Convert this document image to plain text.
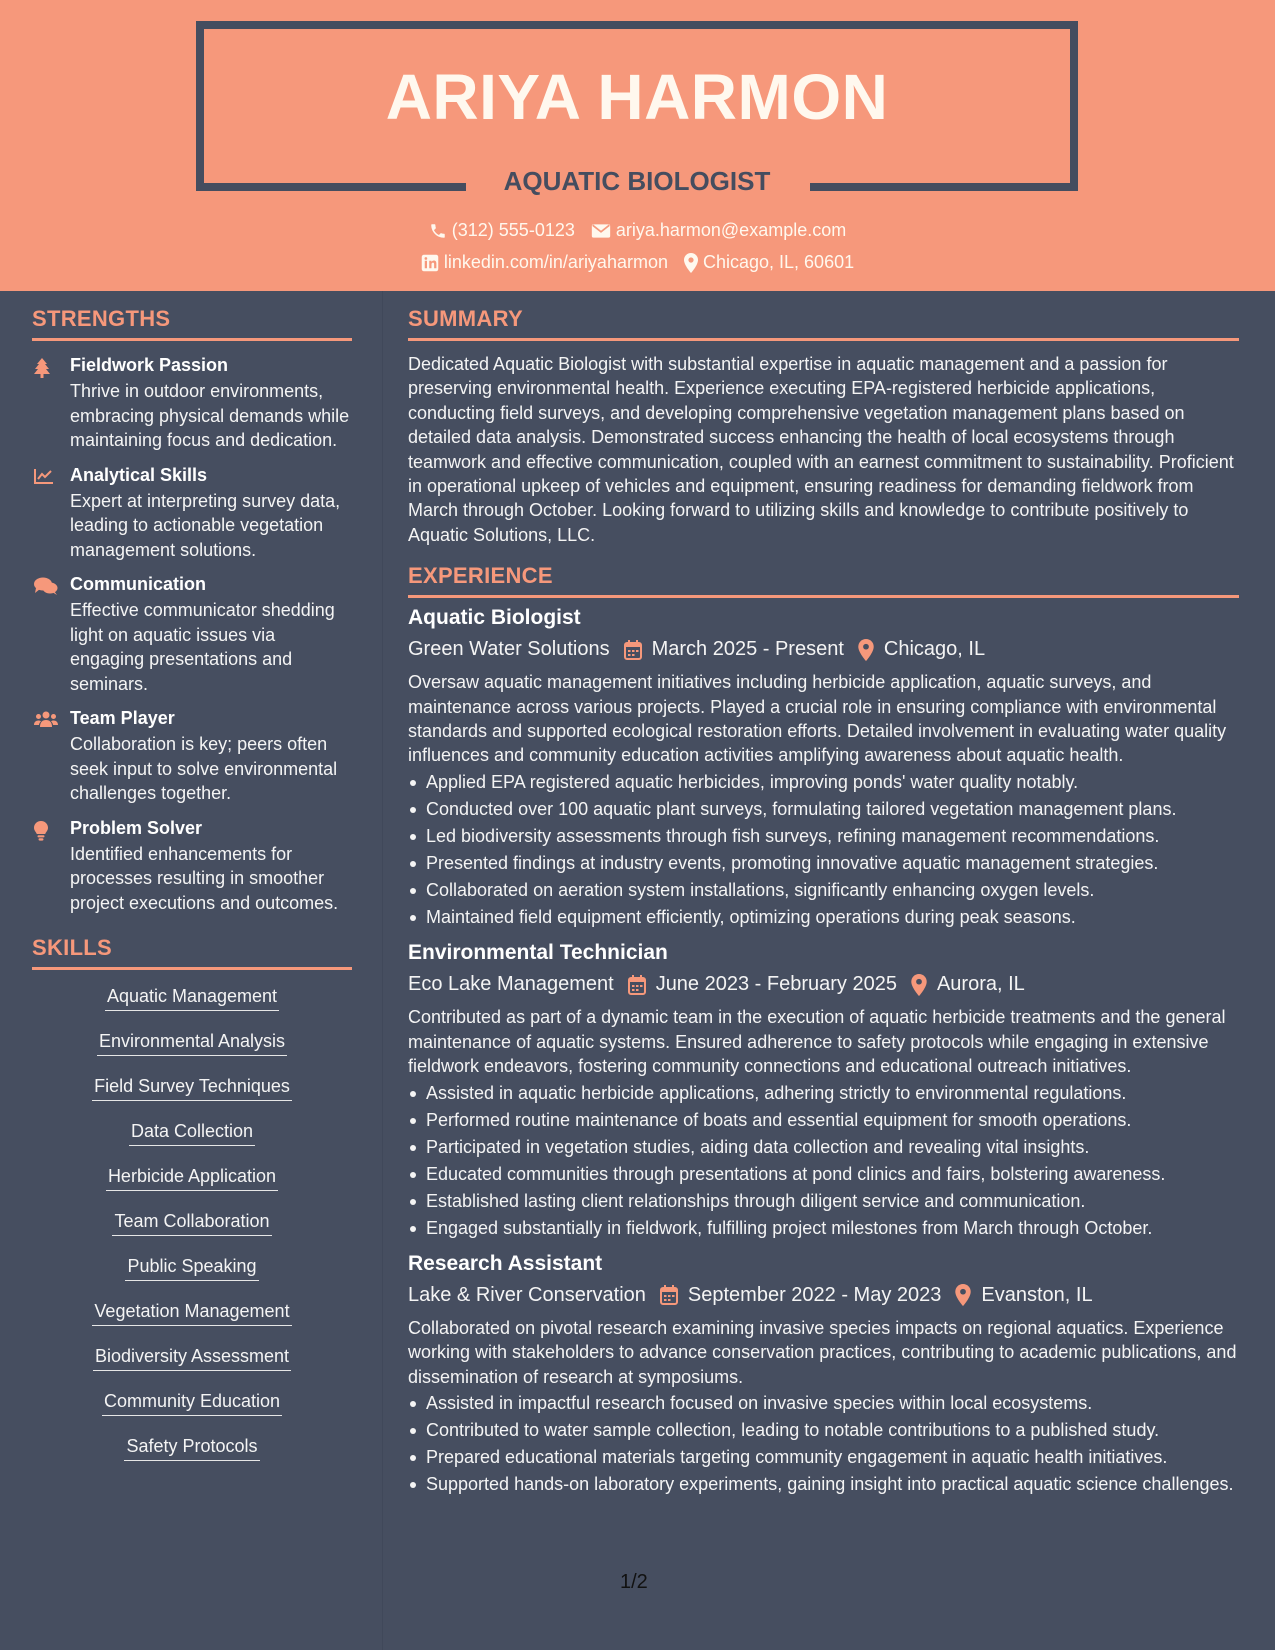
ARIYA HARMON
AQUATIC BIOLOGIST
(312) 555-0123 ariya.harmon@example.com
linkedin.com/in/ariyaharmon Chicago, IL, 60601
STRENGTHS
Fieldwork Passion
Thrive in outdoor environments, embracing physical demands while maintaining focus and dedication.
Analytical Skills
Expert at interpreting survey data, leading to actionable vegetation management solutions.
Communication
Effective communicator shedding light on aquatic issues via engaging presentations and seminars.
Team Player
Collaboration is key; peers often seek input to solve environmental challenges together.
Problem Solver
Identified enhancements for processes resulting in smoother project executions and outcomes.
SKILLS
Aquatic Management
Environmental Analysis
Field Survey Techniques
Data Collection
Herbicide Application
Team Collaboration
Public Speaking
Vegetation Management
Biodiversity Assessment
Community Education
Safety Protocols
SUMMARY
Dedicated Aquatic Biologist with substantial expertise in aquatic management and a passion for preserving environmental health. Experience executing EPA-registered herbicide applications, conducting field surveys, and developing comprehensive vegetation management plans based on detailed data analysis. Demonstrated success enhancing the health of local ecosystems through teamwork and effective communication, coupled with an earnest commitment to sustainability. Proficient in operational upkeep of vehicles and equipment, ensuring readiness for demanding fieldwork from March through October. Looking forward to utilizing skills and knowledge to contribute positively to Aquatic Solutions, LLC.
EXPERIENCE
Aquatic Biologist
Green Water Solutions March 2025 - Present Chicago, IL
Oversaw aquatic management initiatives including herbicide application, aquatic surveys, and maintenance across various projects. Played a crucial role in ensuring compliance with environmental standards and supported ecological restoration efforts. Detailed involvement in evaluating water quality influences and community education activities amplifying awareness about aquatic health.
Applied EPA registered aquatic herbicides, improving ponds' water quality notably.
Conducted over 100 aquatic plant surveys, formulating tailored vegetation management plans.
Led biodiversity assessments through fish surveys, refining management recommendations.
Presented findings at industry events, promoting innovative aquatic management strategies.
Collaborated on aeration system installations, significantly enhancing oxygen levels.
Maintained field equipment efficiently, optimizing operations during peak seasons.
Environmental Technician
Eco Lake Management June 2023 - February 2025 Aurora, IL
Contributed as part of a dynamic team in the execution of aquatic herbicide treatments and the general maintenance of aquatic systems. Ensured adherence to safety protocols while engaging in extensive fieldwork endeavors, fostering community connections and educational outreach initiatives.
Assisted in aquatic herbicide applications, adhering strictly to environmental regulations.
Performed routine maintenance of boats and essential equipment for smooth operations.
Participated in vegetation studies, aiding data collection and revealing vital insights.
Educated communities through presentations at pond clinics and fairs, bolstering awareness.
Established lasting client relationships through diligent service and communication.
Engaged substantially in fieldwork, fulfilling project milestones from March through October.
Research Assistant
Lake & River Conservation September 2022 - May 2023 Evanston, IL
Collaborated on pivotal research examining invasive species impacts on regional aquatics. Experience working with stakeholders to advance conservation practices, contributing to academic publications, and dissemination of research at symposiums.
Assisted in impactful research focused on invasive species within local ecosystems.
Contributed to water sample collection, leading to notable contributions to a published study.
Prepared educational materials targeting community engagement in aquatic health initiatives.
Supported hands-on laboratory experiments, gaining insight into practical aquatic science challenges.
1/2
